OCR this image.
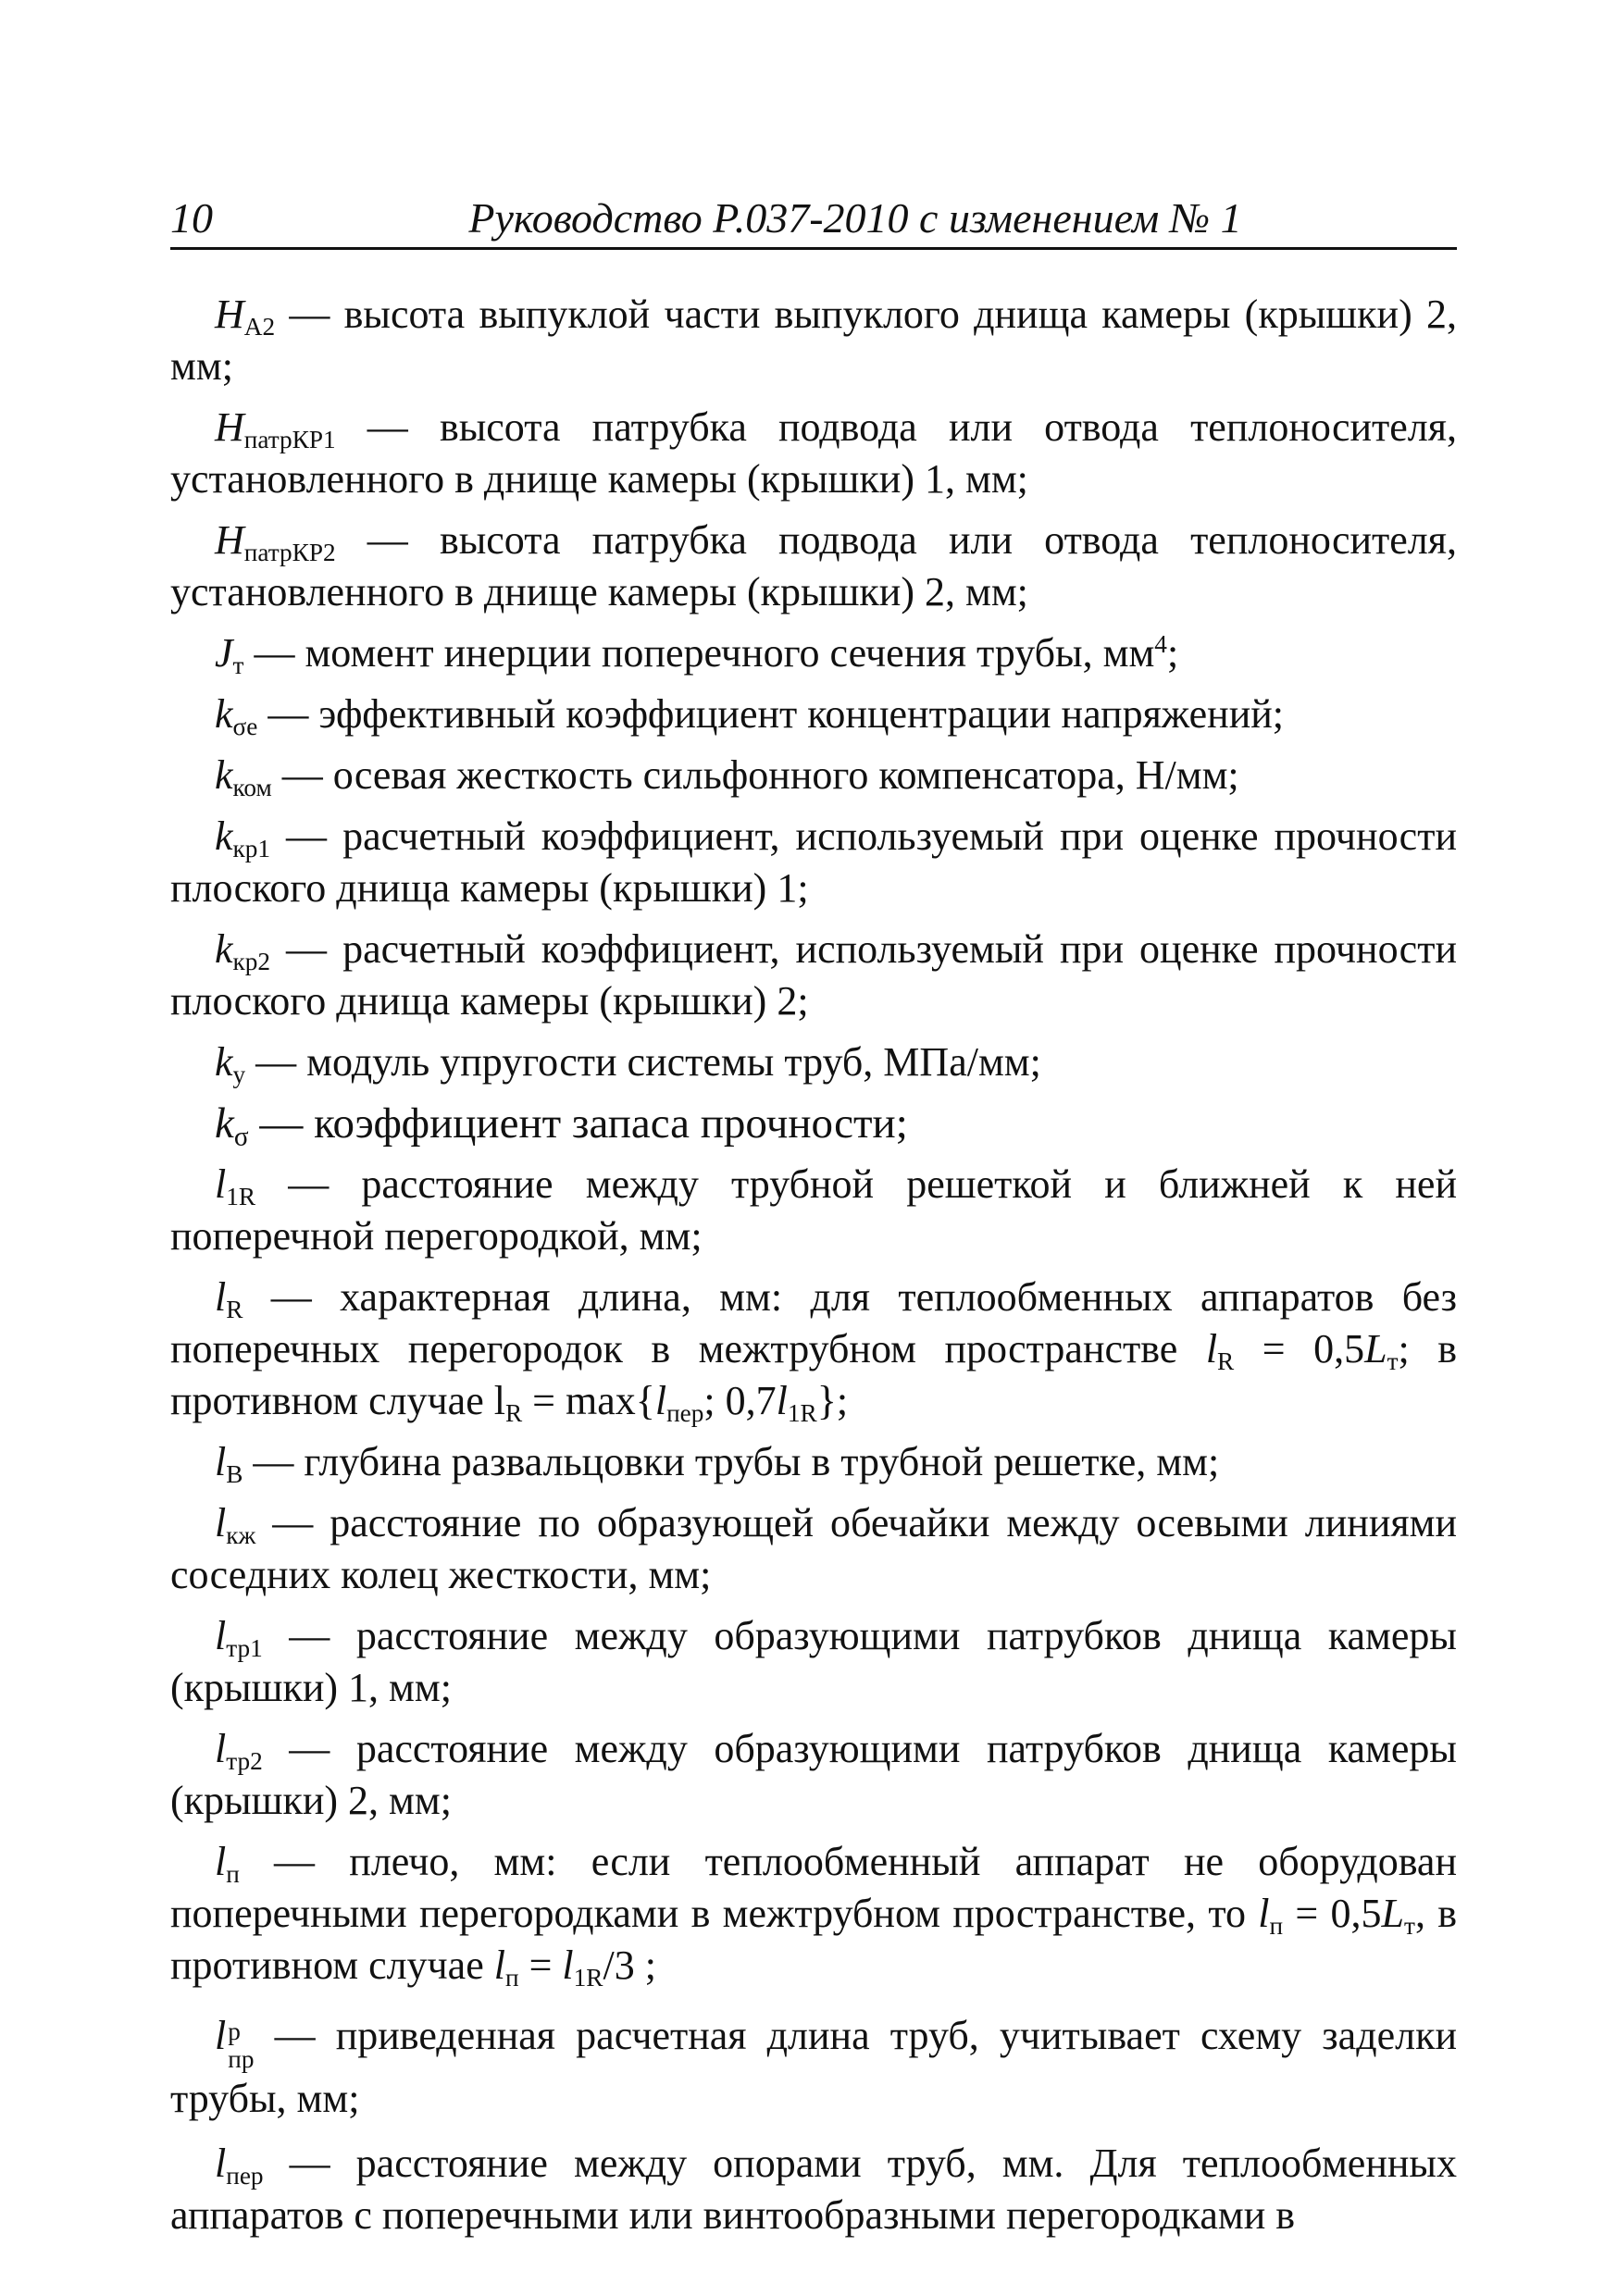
10	Руководство Р.037-2010 с изменением № 1

$H_{A2}$ — высота выпуклой части выпуклого днища камеры (крышки) 2, мм;

$H_{патрКР1}$ — высота патрубка подвода или отвода теплоносителя, установленного в днище камеры (крышки) 1, мм;

$H_{патрКР2}$ — высота патрубка подвода или отвода теплоносителя, установленного в днище камеры (крышки) 2, мм;

$J_т$ — момент инерции поперечного сечения трубы, $мм^4$;

$k_{\sigma e}$ — эффективный коэффициент концентрации напряжений;

$k_{ком}$ — осевая жесткость сильфонного компенсатора, Н/мм;

$k_{кр1}$ — расчетный коэффициент, используемый при оценке прочности плоского днища камеры (крышки) 1;

$k_{кр2}$ — расчетный коэффициент, используемый при оценке прочности плоского днища камеры (крышки) 2;

$k_у$ — модуль упругости системы труб, МПа/мм;

$k_\sigma$ — коэффициент запаса прочности;

$l_{1R}$ — расстояние между трубной решеткой и ближней к ней поперечной перегородкой, мм;

$l_R$ — характерная длина, мм: для теплообменных аппаратов без поперечных перегородок в межтрубном пространстве $l_R = 0,5L_т$; в противном случае $l_R = \max\{l_{пер}$; $0,7l_{1R}$};

$l_В$ — глубина развальцовки трубы в трубной решетке, мм;

$l_{кж}$ — расстояние по образующей обечайки между осевыми линиями соседних колец жесткости, мм;

$l_{тр1}$ — расстояние между образующими патрубков днища камеры (крышки) 1, мм;

$l_{тр2}$ — расстояние между образующими патрубков днища камеры (крышки) 2, мм;

$l_п$ — плечо, мм: если теплообменный аппарат не оборудован поперечными перегородками в межтрубном пространстве, то $l_п = 0,5L_т$, в противном случае $l_п = l_{1R}/3$ ;

l р
пр
— приведенная расчетная длина труб, учитывает схему заделки трубы, мм;

$l_{пер}$ — расстояние между опорами труб, мм. Для теплообменных аппаратов с поперечными или винтообразными перегородками в
